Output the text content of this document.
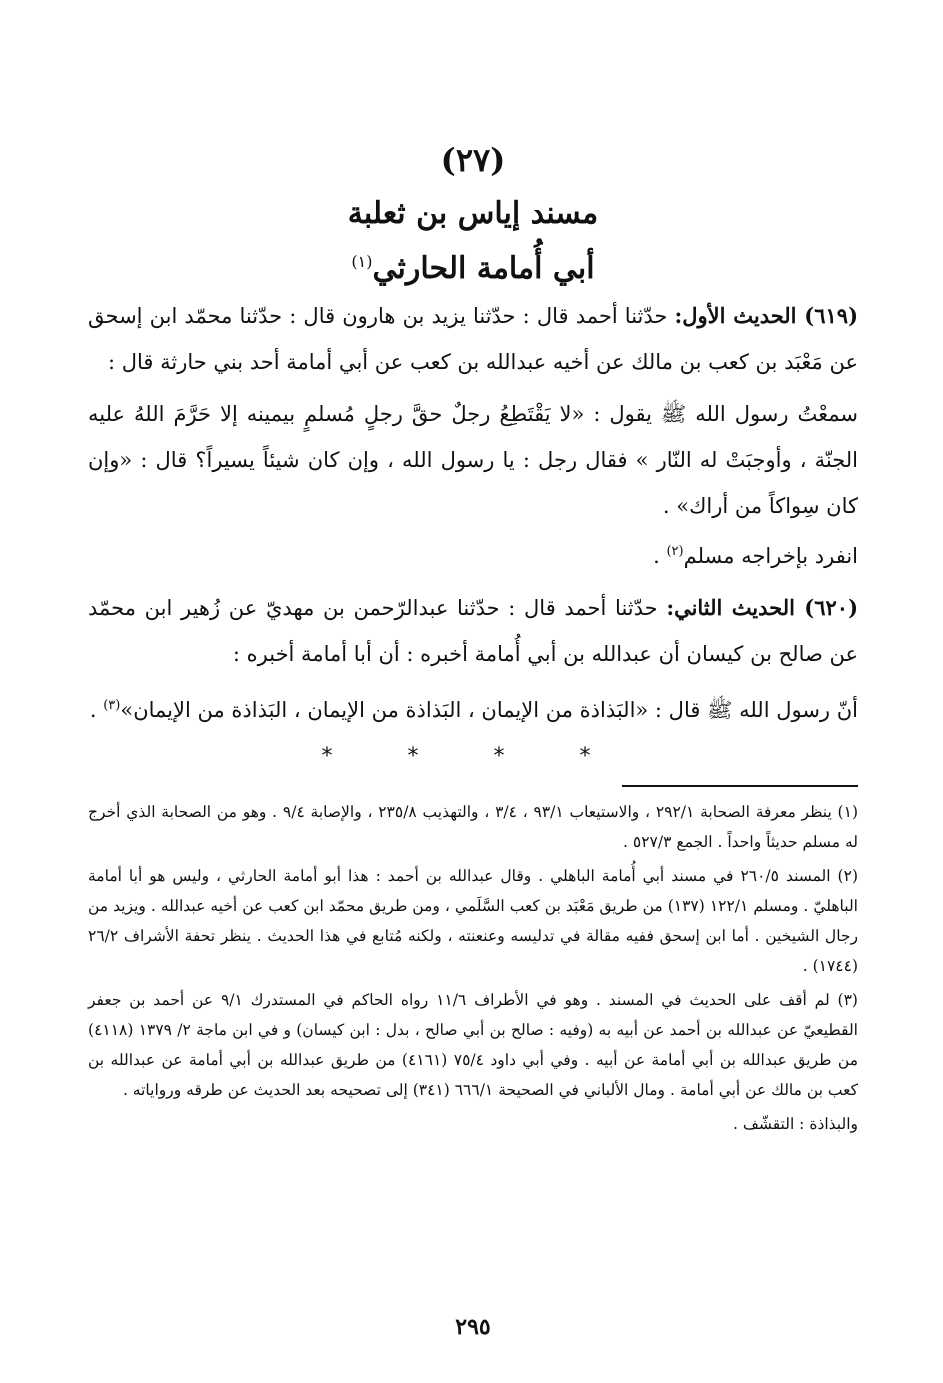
(٢٧)
مسند إياس بن ثعلبة
أبي أُمامة الحارثي$^{(١)}$

(٦١٩) الحديث الأول: حدّثنا أحمد قال : حدّثنا يزيد بن هارون قال : حدّثنا محمّد ابن إسحق عن مَعْبَد بن كعب بن مالك عن أخيه عبدالله بن كعب عن أبي أمامة أحد بني حارثة قال :

سمعْتُ رسول الله ﷺ يقول : «لا يَقْتَطِعُ رجلٌ حقَّ رجلٍ مُسلمٍ بيمينه إلا حَرَّمَ اللهُ عليه الجنّة ، وأوجبَتْ له النّار » فقال رجل : يا رسول الله ، وإن كان شيئاً يسيراً؟ قال : «وإن كان سِواكاً من أراك» .

انفرد بإخراجه مسلم$^{(٢)}$ .

(٦٢٠) الحديث الثاني: حدّثنا أحمد قال : حدّثنا عبدالرّحمن بن مهديّ عن زُهير ابن محمّد عن صالح بن كيسان أن عبدالله بن أبي أُمامة أخبره : أن أبا أمامة أخبره :

أنّ رسول الله ﷺ قال : «البَذاذة من الإيمان ، البَذاذة من الإيمان ، البَذاذة من الإيمان»$^{(٣)}$ .

* * * *

(١) ينظر معرفة الصحابة ٢٩٢/١ ، والاستيعاب ٩٣/١ ، ٣/٤ ، والتهذيب ٢٣٥/٨ ، والإصابة ٩/٤ . وهو من الصحابة الذي أخرج له مسلم حديثاً واحداً . الجمع ٥٢٧/٣ .

(٢) المسند ٢٦٠/٥ في مسند أبي أُمامة الباهلي . وقال عبدالله بن أحمد : هذا أبو أمامة الحارثي ، وليس هو أبا أمامة الباهليّ . ومسلم ١٢٢/١ (١٣٧) من طريق مَعْبَد بن كعب السَّلَمي ، ومن طريق محمّد ابن كعب عن أخيه عبدالله . ويزيد من رجال الشيخين . أما ابن إسحق ففيه مقالة في تدليسه وعنعنته ، ولكنه مُتابع في هذا الحديث . ينظر تحفة الأشراف ٢٦/٢ (١٧٤٤) .

(٣) لم أقف على الحديث في المسند . وهو في الأطراف ١١/٦ رواه الحاكم في المستدرك ٩/١ عن أحمد بن جعفر القطيعيّ عن عبدالله بن أحمد عن أبيه به (وفيه : صالح بن أبي صالح ، بدل : ابن كيسان) و في ابن ماجة ٢/ ١٣٧٩ (٤١١٨) من طريق عبدالله بن أبي أمامة عن أبيه . وفي أبي داود ٧٥/٤ (٤١٦١) من طريق عبدالله بن أبي أمامة عن عبدالله بن كعب بن مالك عن أبي أمامة . ومال الألباني في الصحيحة ٦٦٦/١ (٣٤١) إلى تصحيحه بعد الحديث عن طرقه ورواياته .

والبذاذة : التقشّف .

٢٩٥
